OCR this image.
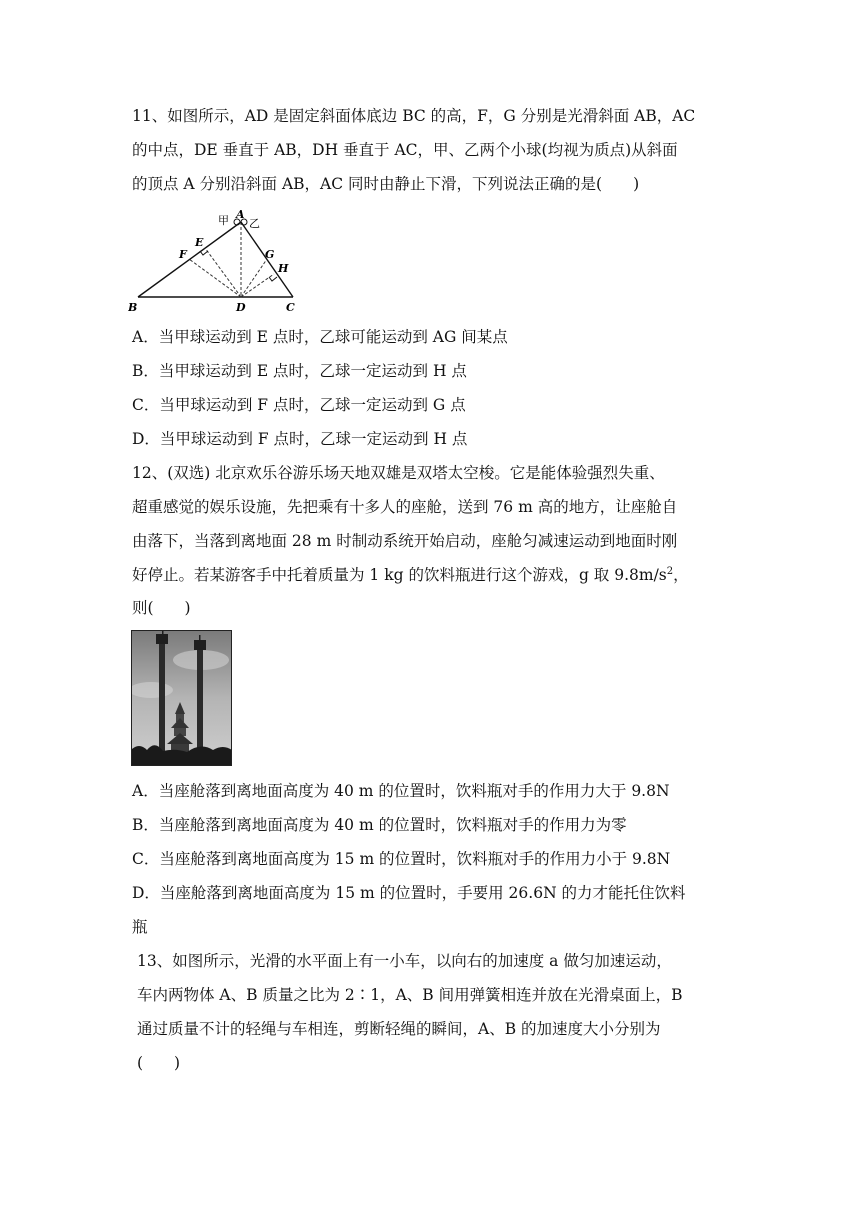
11、如图所示，AD 是固定斜面体底边 BC 的高，F，G 分别是光滑斜面 AB，AC
的中点，DE 垂直于 AB，DH 垂直于 AC，甲、乙两个小球(均视为质点)从斜面
的顶点 A 分别沿斜面 AB，AC 同时由静止下滑，下列说法正确的是(　　)
A
甲 乙
B	C
D
E
F	G
H
A．当甲球运动到 E 点时，乙球可能运动到 AG 间某点
B．当甲球运动到 E 点时，乙球一定运动到 H 点
C．当甲球运动到 F 点时，乙球一定运动到 G 点
D．当甲球运动到 F 点时，乙球一定运动到 H 点
12、(双选) 北京欢乐谷游乐场天地双雄是双塔太空梭。它是能体验强烈失重、
超重感觉的娱乐设施，先把乘有十多人的座舱，送到 76 m 高的地方，让座舱自
由落下，当落到离地面 28 m 时制动系统开始启动，座舱匀减速运动到地面时刚
好停止。若某游客手中托着质量为 1 kg 的饮料瓶进行这个游戏，g 取 $9.8m/s^2$，
则(　　)
A．当座舱落到离地面高度为 40 m 的位置时，饮料瓶对手的作用力大于 9.8N
B．当座舱落到离地面高度为 40 m 的位置时，饮料瓶对手的作用力为零
C．当座舱落到离地面高度为 15 m 的位置时，饮料瓶对手的作用力小于 9.8N
D．当座舱落到离地面高度为 15 m 的位置时，手要用 26.6N 的力才能托住饮料
瓶
13、如图所示，光滑的水平面上有一小车，以向右的加速度 a 做匀加速运动，
车内两物体 A、B 质量之比为 2∶1，A、B 间用弹簧相连并放在光滑桌面上，B
通过质量不计的轻绳与车相连，剪断轻绳的瞬间，A、B 的加速度大小分别为
(　　)
